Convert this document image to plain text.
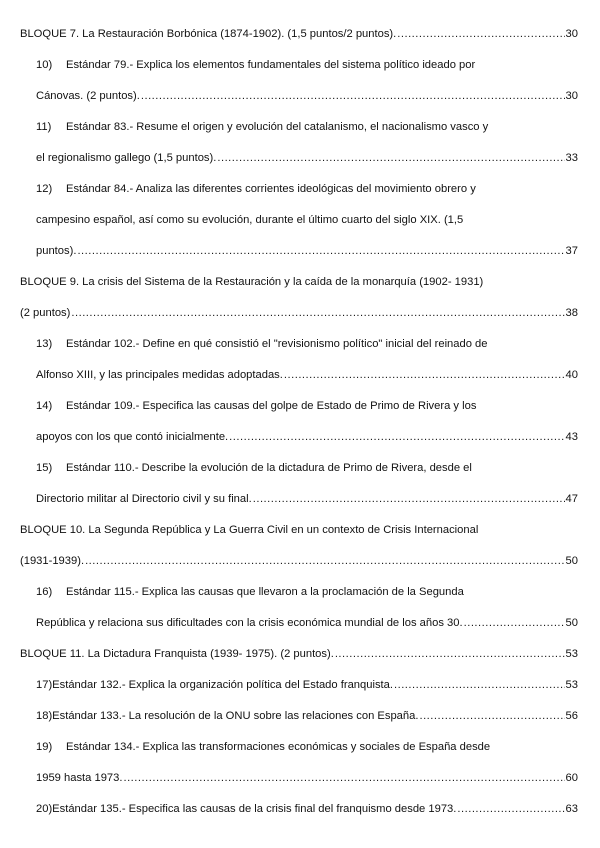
BLOQUE 7. La Restauración Borbónica (1874-1902). (1,5 puntos/2 puntos). .....	30
10)	Estándar 79.- Explica los elementos fundamentales del sistema político ideado por
Cánovas. (2 puntos). .....	30
11)	Estándar 83.- Resume el origen y evolución del catalanismo, el nacionalismo vasco y
el regionalismo gallego (1,5 puntos). .....	33
12)	Estándar 84.- Analiza las diferentes corrientes ideológicas del movimiento obrero y
campesino español, así como su evolución, durante el último cuarto del siglo XIX. (1,5
puntos). .....	37
BLOQUE 9. La crisis del Sistema de la Restauración y la caída de la monarquía (1902- 1931)
(2 puntos) .....	38
13)	Estándar 102.- Define en qué consistió el "revisionismo político" inicial del reinado de
Alfonso XIII, y las principales medidas adoptadas. .....	40
14)	Estándar 109.- Especifica las causas del golpe de Estado de Primo de Rivera y los
apoyos con los que contó inicialmente. .....	43
15)	Estándar 110.- Describe la evolución de la dictadura de Primo de Rivera, desde el
Directorio militar al Directorio civil y su final. .....	47
BLOQUE 10. La Segunda República y La Guerra Civil en un contexto de Crisis Internacional
(1931-1939). .....	50
16)	Estándar 115.- Explica las causas que llevaron a la proclamación de la Segunda
República y relaciona sus dificultades con la crisis económica mundial de los años 30. .....	50
BLOQUE 11. La Dictadura Franquista (1939- 1975). (2 puntos). .....	53
17) Estándar 132.- Explica la organización política del Estado franquista. .....	53
18) Estándar 133.- La resolución de la ONU sobre las relaciones con España. .....	56
19)	Estándar 134.- Explica las transformaciones económicas y sociales de España desde
1959 hasta 1973. .....	60
20) Estándar 135.- Especifica las causas de la crisis final del franquismo desde 1973. .....	63
